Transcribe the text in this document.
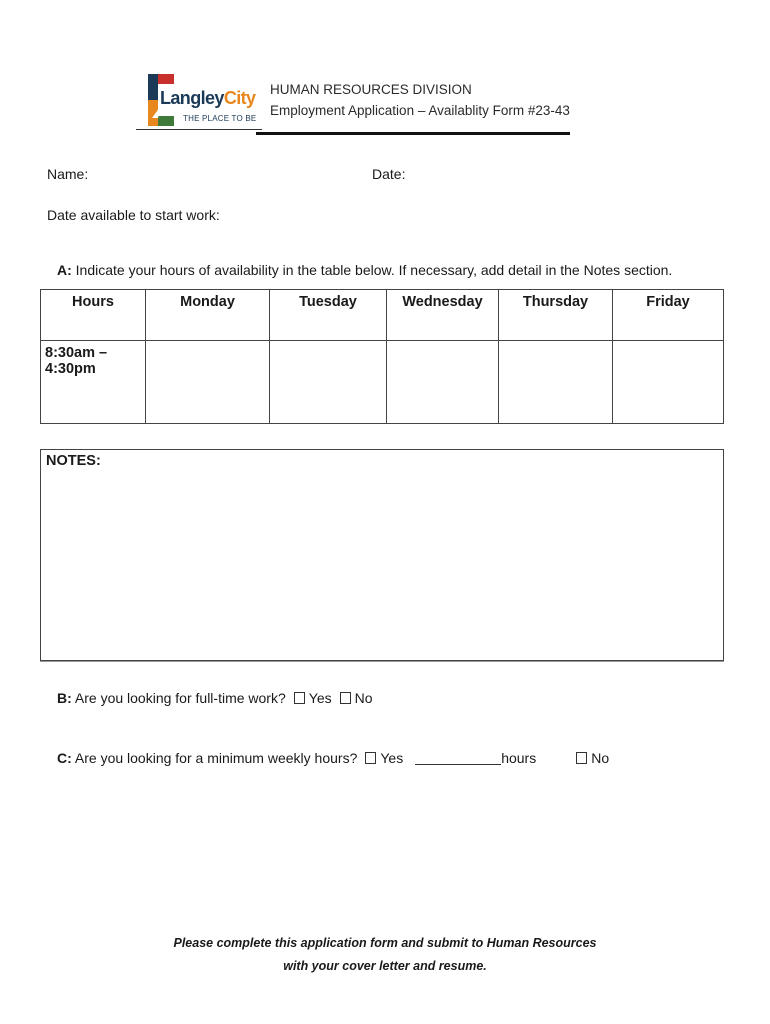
LangleyCity
THE PLACE TO BE
HUMAN RESOURCES DIVISION
Employment Application – Availablity Form #23-43
Name:	Date:
Date available to start work:
A: Indicate your hours of availability in the table below. If necessary, add detail in the Notes section.
Hours	Monday	Tuesday	Wednesday	Thursday	Friday
8:30am – 4:30pm					
NOTES:
B: Are you looking for full-time work? Yes No
C: Are you looking for a minimum weekly hours? Yes	hours	No
Please complete this application form and submit to Human Resources
with your cover letter and resume.
